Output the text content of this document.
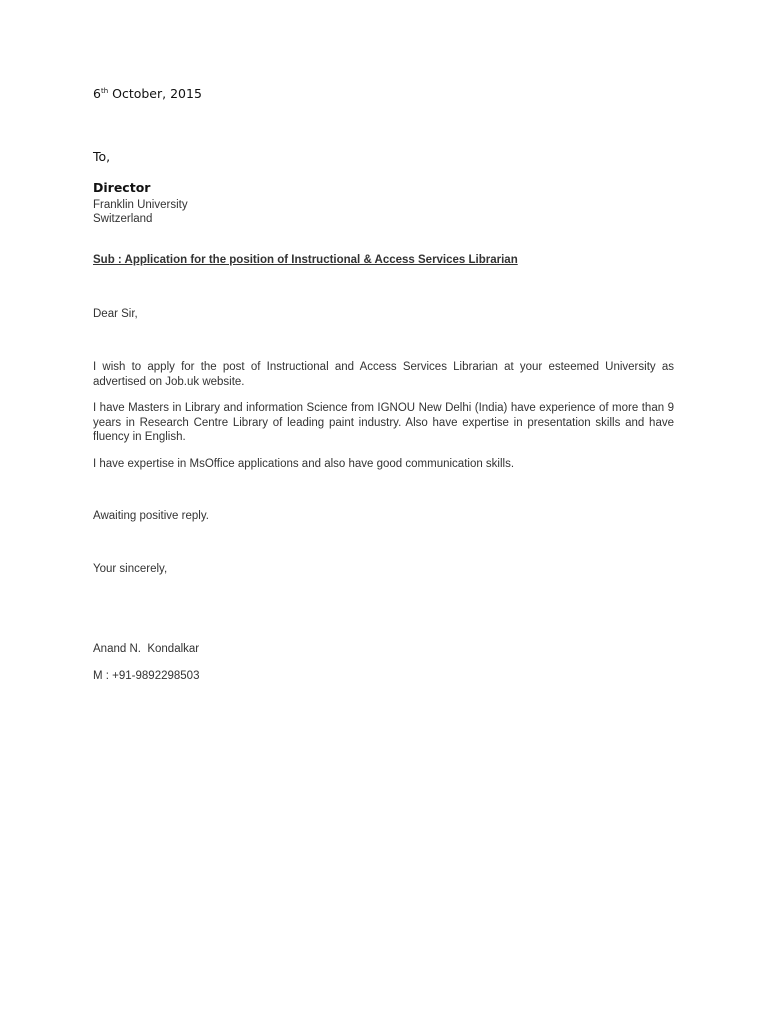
6th October, 2015
To,
Director
Franklin University
Switzerland
Sub : Application for the position of Instructional & Access Services Librarian
Dear Sir,

I wish to apply for the post of Instructional and Access Services Librarian at your esteemed University as advertised on Job.uk website.

I have Masters in Library and information Science from IGNOU New Delhi (India) have experience of more than 9 years in Research Centre Library of leading paint industry. Also have expertise in presentation skills and have fluency in English.

I have expertise in MsOffice applications and also have good communication skills.

Awaiting positive reply.
Your sincerely,
Anand N.  Kondalkar
M : +91-9892298503
